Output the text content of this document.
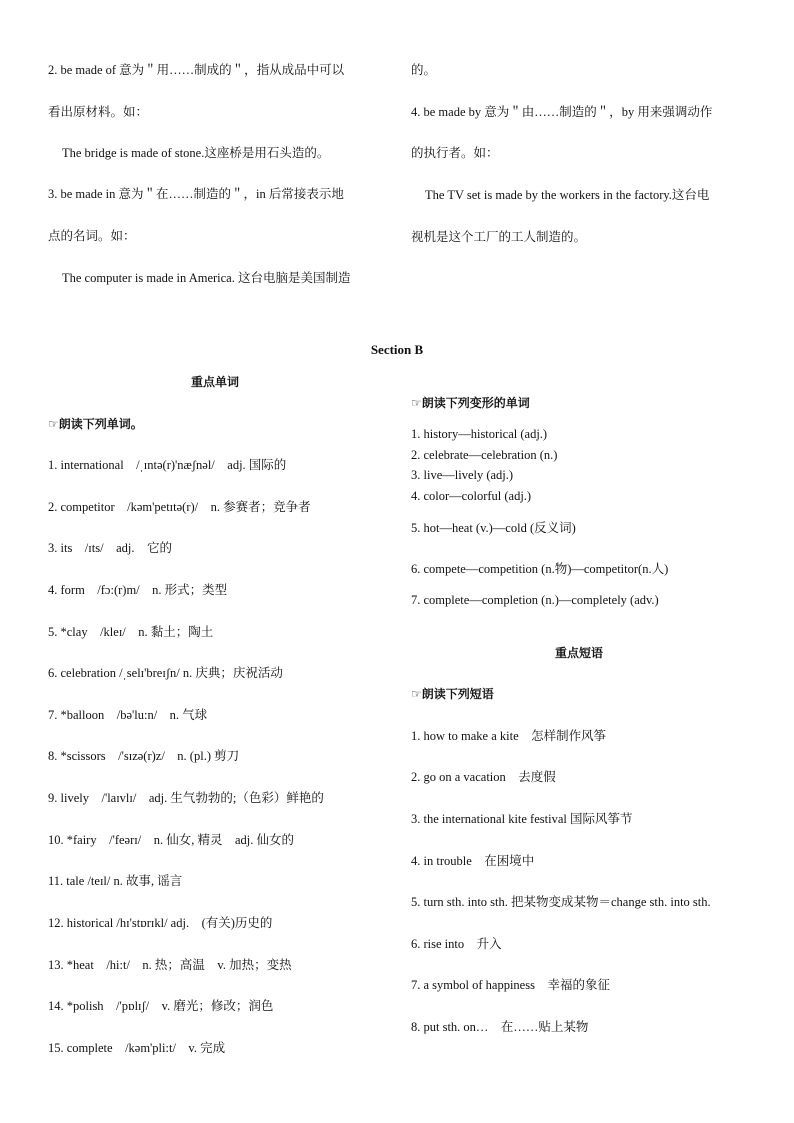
2. be made of 意为＂用……制成的＂，指从成品中可以
看出原材料。如：
The bridge is made of stone.这座桥是用石头造的。
3. be made in 意为＂在……制造的＂，in 后常接表示地
点的名词。如：
The computer is made in America. 这台电脑是美国制造
的。
4. be made by 意为＂由……制造的＂，by 用来强调动作
的执行者。如：
The TV set is made by the workers in the factory.这台电
视机是这个工厂的工人制造的。
Section B
重点单词
☞朗读下列单词。
1. international　/ˌɪntə(r)'næʃnəl/　adj. 国际的
2. competitor　/kəm'petɪtə(r)/　n. 参赛者；竞争者
3. its　/ɪts/　adj.　它的
4. form　/fɔ:(r)m/　n. 形式；类型
5. *clay　/kleɪ/　n. 黏土；陶土
6. celebration /ˌselɪ'breɪʃn/ n. 庆典；庆祝活动
7. *balloon　/bə'lu:n/　n. 气球
8. *scissors　/'sɪzə(r)z/　n. (pl.) 剪刀
9. lively　/'laɪvlɪ/　adj. 生气勃勃的;（色彩）鲜艳的
10. *fairy　/'feərɪ/　n. 仙女, 精灵　adj. 仙女的
11. tale /teɪl/ n. 故事, 谣言
12. historical /hɪ'stɒrɪkl/ adj.　(有关)历史的
13. *heat　/hi:t/　n. 热；高温　v. 加热；变热
14. *polish　/'pɒlɪʃ/　v. 磨光；修改；润色
15. complete　/kəm'pli:t/　v. 完成
☞朗读下列变形的单词
1. history—historical (adj.)
2. celebrate—celebration (n.)
3. live—lively (adj.)
4. color—colorful (adj.)
5. hot—heat (v.)—cold (反义词)
6. compete—competition (n.物)—competitor(n.人)
7. complete—completion (n.)—completely (adv.)
重点短语
☞朗读下列短语
1. how to make a kite　怎样制作风筝
2. go on a vacation　去度假
3. the international kite festival 国际风筝节
4. in trouble　在困境中
5. turn sth. into sth. 把某物变成某物＝change sth. into sth.
6. rise into　升入
7. a symbol of happiness　幸福的象征
8. put sth. on…　在……贴上某物
